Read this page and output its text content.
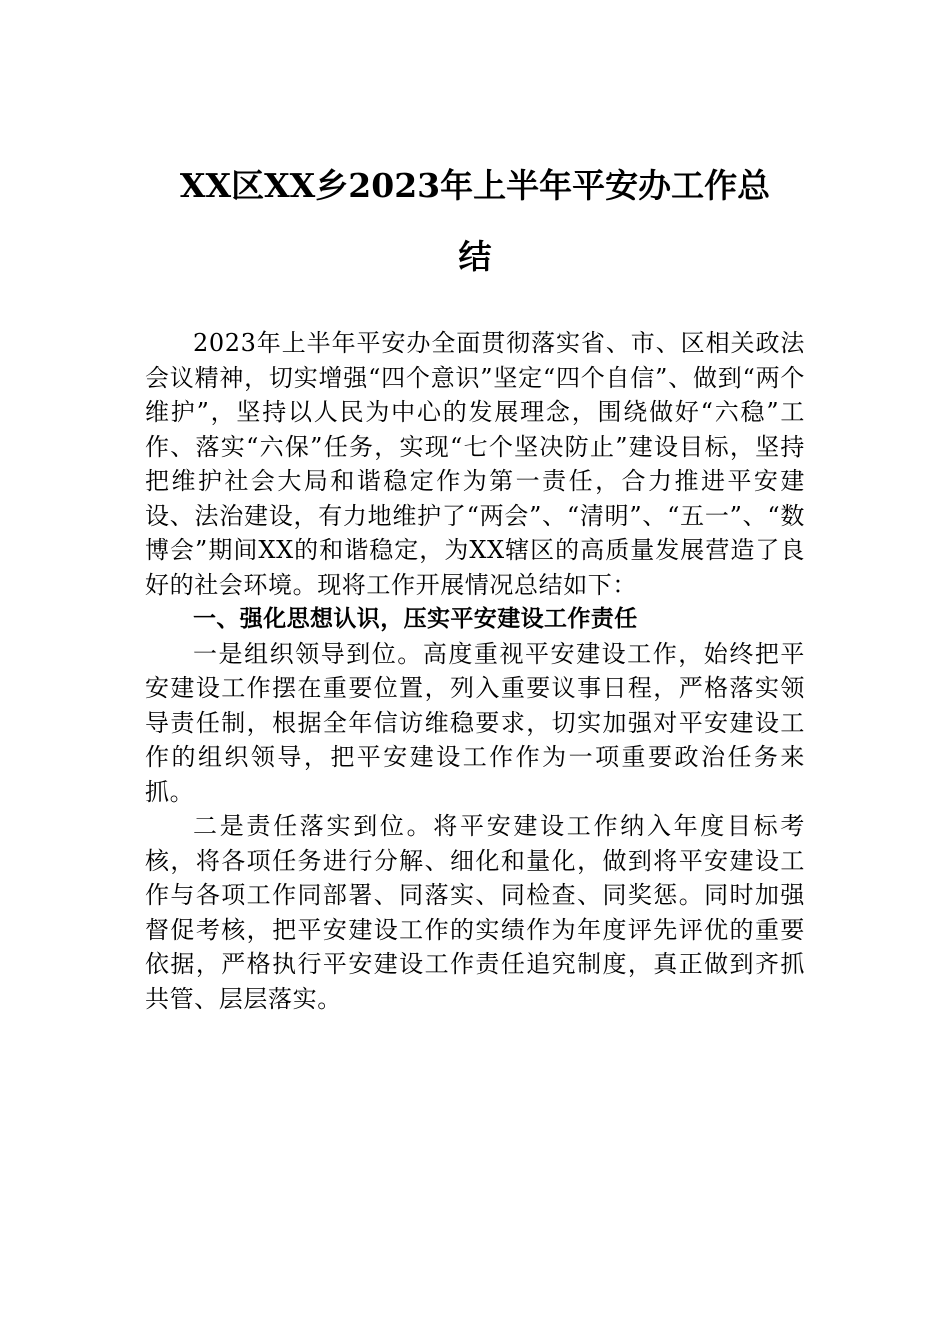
XX区XX乡2023年上半年平安办工作总
结

2023年上半年平安办全面贯彻落实省、市、区相关政法会议精神，切实增强“四个意识”坚定“四个自信”、做到“两个维护”，坚持以人民为中心的发展理念，围绕做好“六稳”工作、落实“六保”任务，实现“七个坚决防止”建设目标，坚持把维护社会大局和谐稳定作为第一责任，合力推进平安建设、法治建设，有力地维护了“两会”、“清明”、“五一”、“数博会”期间XX的和谐稳定，为XX辖区的高质量发展营造了良好的社会环境。现将工作开展情况总结如下：

一、强化思想认识，压实平安建设工作责任

一是组织领导到位。高度重视平安建设工作，始终把平安建设工作摆在重要位置，列入重要议事日程，严格落实领导责任制，根据全年信访维稳要求，切实加强对平安建设工作的组织领导，把平安建设工作作为一项重要政治任务来抓。

二是责任落实到位。将平安建设工作纳入年度目标考核，将各项任务进行分解、细化和量化，做到将平安建设工作与各项工作同部署、同落实、同检查、同奖惩。同时加强督促考核，把平安建设工作的实绩作为年度评先评优的重要依据，严格执行平安建设工作责任追究制度，真正做到齐抓共管、层层落实。
